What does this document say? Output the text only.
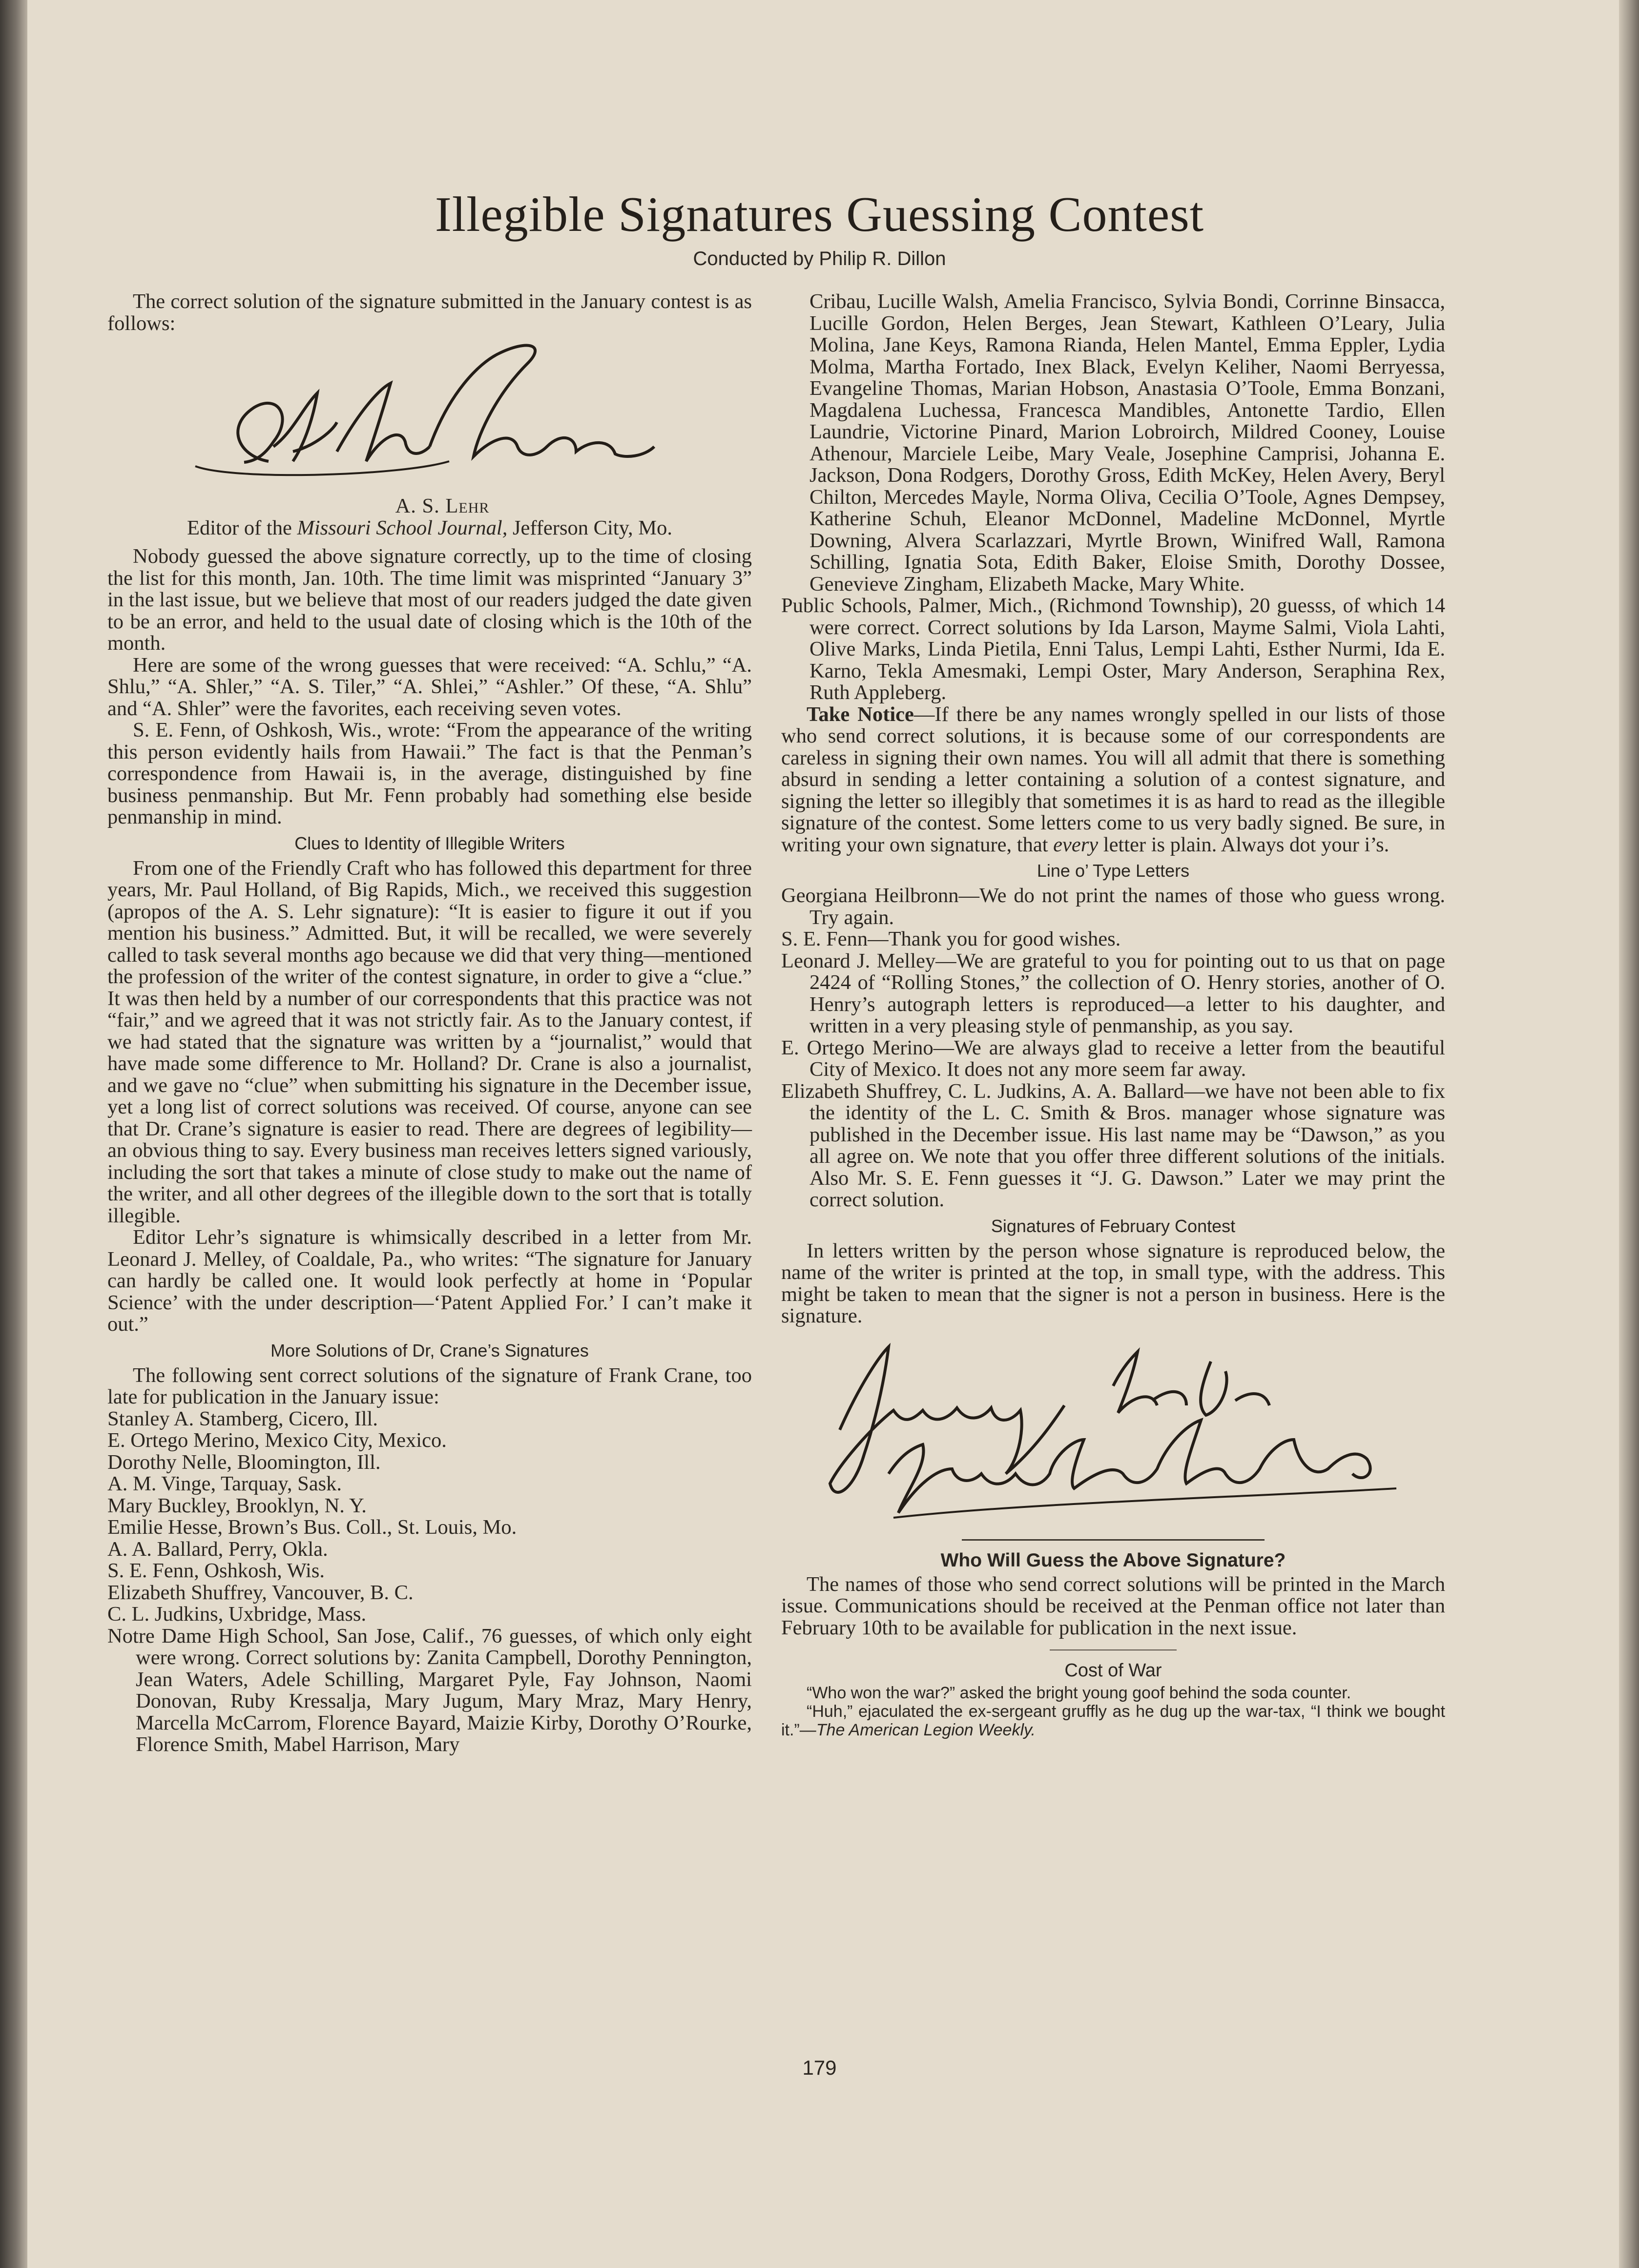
Illegible Signatures Guessing Contest
Conducted by Philip R. Dillon

The correct solution of the signature submitted in the January contest is as follows:

A. S. Lehr

Editor of the Missouri School Journal, Jefferson City, Mo.

Nobody guessed the above signature correctly, up to the time of closing the list for this month, Jan. 10th. The time limit was misprinted “January 3” in the last issue, but we believe that most of our readers judged the date given to be an error, and held to the usual date of closing which is the 10th of the month.

Here are some of the wrong guesses that were received: “A. Schlu,” “A. Shlu,” “A. Shler,” “A. S. Tiler,” “A. Shlei,” “Ashler.” Of these, “A. Shlu” and “A. Shler” were the favorites, each receiving seven votes.

S. E. Fenn, of Oshkosh, Wis., wrote: “From the appearance of the writing this person evidently hails from Hawaii.” The fact is that the Penman’s correspondence from Hawaii is, in the average, distinguished by fine business penmanship. But Mr. Fenn probably had something else beside penmanship in mind.

Clues to Identity of Illegible Writers

From one of the Friendly Craft who has followed this department for three years, Mr. Paul Holland, of Big Rapids, Mich., we received this suggestion (apropos of the A. S. Lehr signature): “It is easier to figure it out if you mention his business.” Admitted. But, it will be recalled, we were severely called to task several months ago because we did that very thing—mentioned the profession of the writer of the contest signature, in order to give a “clue.” It was then held by a number of our correspondents that this practice was not “fair,” and we agreed that it was not strictly fair. As to the January contest, if we had stated that the signature was written by a “journalist,” would that have made some difference to Mr. Holland? Dr. Crane is also a journalist, and we gave no “clue” when submitting his signature in the December issue, yet a long list of correct solutions was received. Of course, anyone can see that Dr. Crane’s signature is easier to read. There are degrees of legibility—an obvious thing to say. Every business man receives letters signed variously, including the sort that takes a minute of close study to make out the name of the writer, and all other degrees of the illegible down to the sort that is totally illegible.

Editor Lehr’s signature is whimsically described in a letter from Mr. Leonard J. Melley, of Coaldale, Pa., who writes: “The signature for January can hardly be called one. It would look perfectly at home in ‘Popular Science’ with the under description—‘Patent Applied For.’ I can’t make it out.”

More Solutions of Dr, Crane’s Signatures

The following sent correct solutions of the signature of Frank Crane, too late for publication in the January issue:

Stanley A. Stamberg, Cicero, Ill.

E. Ortego Merino, Mexico City, Mexico.

Dorothy Nelle, Bloomington, Ill.

A. M. Vinge, Tarquay, Sask.

Mary Buckley, Brooklyn, N. Y.

Emilie Hesse, Brown’s Bus. Coll., St. Louis, Mo.

A. A. Ballard, Perry, Okla.

S. E. Fenn, Oshkosh, Wis.

Elizabeth Shuffrey, Vancouver, B. C.

C. L. Judkins, Uxbridge, Mass.

Notre Dame High School, San Jose, Calif., 76 guesses, of which only eight were wrong. Correct solutions by: Zanita Campbell, Dorothy Pennington, Jean Waters, Adele Schilling, Margaret Pyle, Fay Johnson, Naomi Donovan, Ruby Kressalja, Mary Jugum, Mary Mraz, Mary Henry, Marcella McCarrom, Florence Bayard, Maizie Kirby, Dorothy O’Rourke, Florence Smith, Mabel Harrison, Mary

Cribau, Lucille Walsh, Amelia Francisco, Sylvia Bondi, Corrinne Binsacca, Lucille Gordon, Helen Berges, Jean Stewart, Kathleen O’Leary, Julia Molina, Jane Keys, Ramona Rianda, Helen Mantel, Emma Eppler, Lydia Molma, Martha Fortado, Inex Black, Evelyn Keliher, Naomi Berryessa, Evangeline Thomas, Marian Hobson, Anastasia O’Toole, Emma Bonzani, Magdalena Luchessa, Francesca Mandibles, Antonette Tardio, Ellen Laundrie, Victorine Pinard, Marion Lobroirch, Mildred Cooney, Louise Athenour, Marciele Leibe, Mary Veale, Josephine Camprisi, Johanna E. Jackson, Dona Rodgers, Dorothy Gross, Edith McKey, Helen Avery, Beryl Chilton, Mercedes Mayle, Norma Oliva, Cecilia O’Toole, Agnes Dempsey, Katherine Schuh, Eleanor McDonnel, Madeline McDonnel, Myrtle Downing, Alvera Scarlazzari, Myrtle Brown, Winifred Wall, Ramona Schilling, Ignatia Sota, Edith Baker, Eloise Smith, Dorothy Dossee, Genevieve Zingham, Elizabeth Macke, Mary White.

Public Schools, Palmer, Mich., (Richmond Township), 20 guesss, of which 14 were correct. Correct solutions by Ida Larson, Mayme Salmi, Viola Lahti, Olive Marks, Linda Pietila, Enni Talus, Lempi Lahti, Esther Nurmi, Ida E. Karno, Tekla Amesmaki, Lempi Oster, Mary Anderson, Seraphina Rex, Ruth Appleberg.

Take Notice—If there be any names wrongly spelled in our lists of those who send correct solutions, it is because some of our correspondents are careless in signing their own names. You will all admit that there is something absurd in sending a letter containing a solution of a contest signature, and signing the letter so illegibly that sometimes it is as hard to read as the illegible signature of the contest. Some letters come to us very badly signed. Be sure, in writing your own signature, that every letter is plain. Always dot your i’s.

Line o’ Type Letters

Georgiana Heilbronn—We do not print the names of those who guess wrong. Try again.

S. E. Fenn—Thank you for good wishes.

Leonard J. Melley—We are grateful to you for pointing out to us that on page 2424 of “Rolling Stones,” the collection of O. Henry stories, another of O. Henry’s autograph letters is reproduced—a letter to his daughter, and written in a very pleasing style of penmanship, as you say.

E. Ortego Merino—We are always glad to receive a letter from the beautiful City of Mexico. It does not any more seem far away.

Elizabeth Shuffrey, C. L. Judkins, A. A. Ballard—we have not been able to fix the identity of the L. C. Smith & Bros. manager whose signature was published in the December issue. His last name may be “Dawson,” as you all agree on. We note that you offer three different solutions of the initials. Also Mr. S. E. Fenn guesses it “J. G. Dawson.” Later we may print the correct solution.

Signatures of February Contest

In letters written by the person whose signature is reproduced below, the name of the writer is printed at the top, in small type, with the address. This might be taken to mean that the signer is not a person in business. Here is the signature.

Who Will Guess the Above Signature?

The names of those who send correct solutions will be printed in the March issue. Communications should be received at the Penman office not later than February 10th to be available for publication in the next issue.

Cost of War

“Who won the war?” asked the bright young goof behind the soda counter.

“Huh,” ejaculated the ex-sergeant gruffly as he dug up the war-tax, “I think we bought it.”—The American Legion Weekly.

179
